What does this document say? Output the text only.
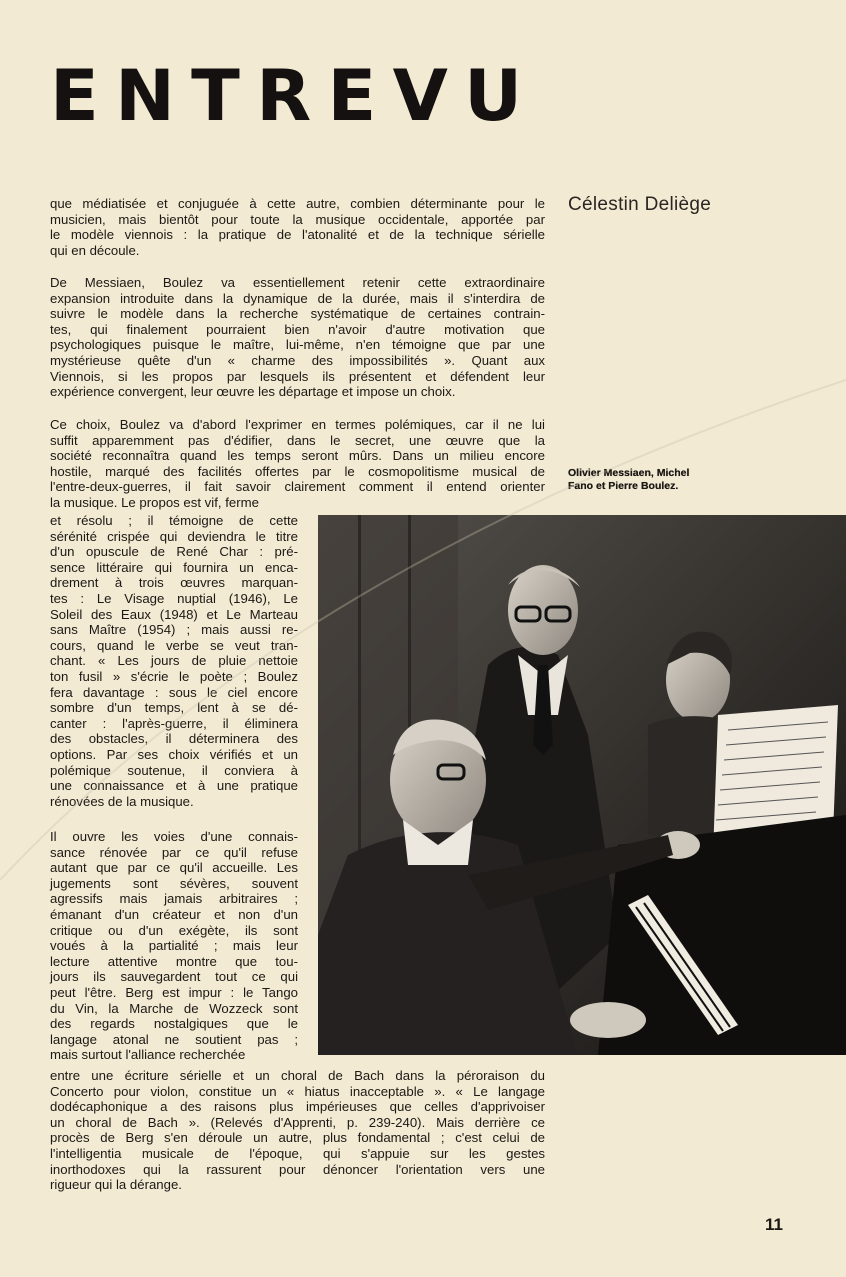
ENTREVU
Célestin Deliège
Olivier Messiaen, Michel
Fano et Pierre Boulez.
que médiatisée et conjuguée à cette autre, combien déterminante pour le
musicien, mais bientôt pour toute la musique occidentale, apportée par
le modèle viennois : la pratique de l'atonalité et de la technique sérielle
qui en découle.
De Messiaen, Boulez va essentiellement retenir cette extraordinaire
expansion introduite dans la dynamique de la durée, mais il s'interdira de
suivre le modèle dans la recherche systématique de certaines contrain-
tes, qui finalement pourraient bien n'avoir d'autre motivation que
psychologiques puisque le maître, lui-même, n'en témoigne que par une
mystérieuse quête d'un « charme des impossibilités ». Quant aux
Viennois, si les propos par lesquels ils présentent et défendent leur
expérience convergent, leur œuvre les départage et impose un choix.
Ce choix, Boulez va d'abord l'exprimer en termes polémiques, car il ne lui
suffit apparemment pas d'édifier, dans le secret, une œuvre que la
société reconnaîtra quand les temps seront mûrs. Dans un milieu encore
hostile, marqué des facilités offertes par le cosmopolitisme musical de
l'entre-deux-guerres, il fait savoir clairement comment il entend orienter
la musique. Le propos est vif, ferme
et résolu ; il témoigne de cette
sérénité crispée qui deviendra le titre
d'un opuscule de René Char : pré-
sence littéraire qui fournira un enca-
drement à trois œuvres marquan-
tes : Le Visage nuptial (1946), Le
Soleil des Eaux (1948) et Le Marteau
sans Maître (1954) ; mais aussi re-
cours, quand le verbe se veut tran-
chant. « Les jours de pluie nettoie
ton fusil » s'écrie le poète ; Boulez
fera davantage : sous le ciel encore
sombre d'un temps, lent à se dé-
canter : l'après-guerre, il éliminera
des obstacles, il déterminera des
options. Par ses choix vérifiés et un
polémique soutenue, il conviera à
une connaissance et à une pratique
rénovées de la musique.
Il ouvre les voies d'une connais-
sance rénovée par ce qu'il refuse
autant que par ce qu'il accueille. Les
jugements sont sévères, souvent
agressifs mais jamais arbitraires ;
émanant d'un créateur et non d'un
critique ou d'un exégète, ils sont
voués à la partialité ; mais leur
lecture attentive montre que tou-
jours ils sauvegardent tout ce qui
peut l'être. Berg est impur : le Tango
du Vin, la Marche de Wozzeck sont
des regards nostalgiques que le
langage atonal ne soutient pas ;
mais surtout l'alliance recherchée
entre une écriture sérielle et un choral de Bach dans la péroraison du
Concerto pour violon, constitue un « hiatus inacceptable ». « Le langage
dodécaphonique a des raisons plus impérieuses que celles d'apprivoiser
un choral de Bach ». (Relevés d'Apprenti, p. 239-240). Mais derrière ce
procès de Berg s'en déroule un autre, plus fondamental ; c'est celui de
l'intelligentia musicale de l'époque, qui s'appuie sur les gestes
inorthodoxes qui la rassurent pour dénoncer l'orientation vers une
rigueur qui la dérange.
11
